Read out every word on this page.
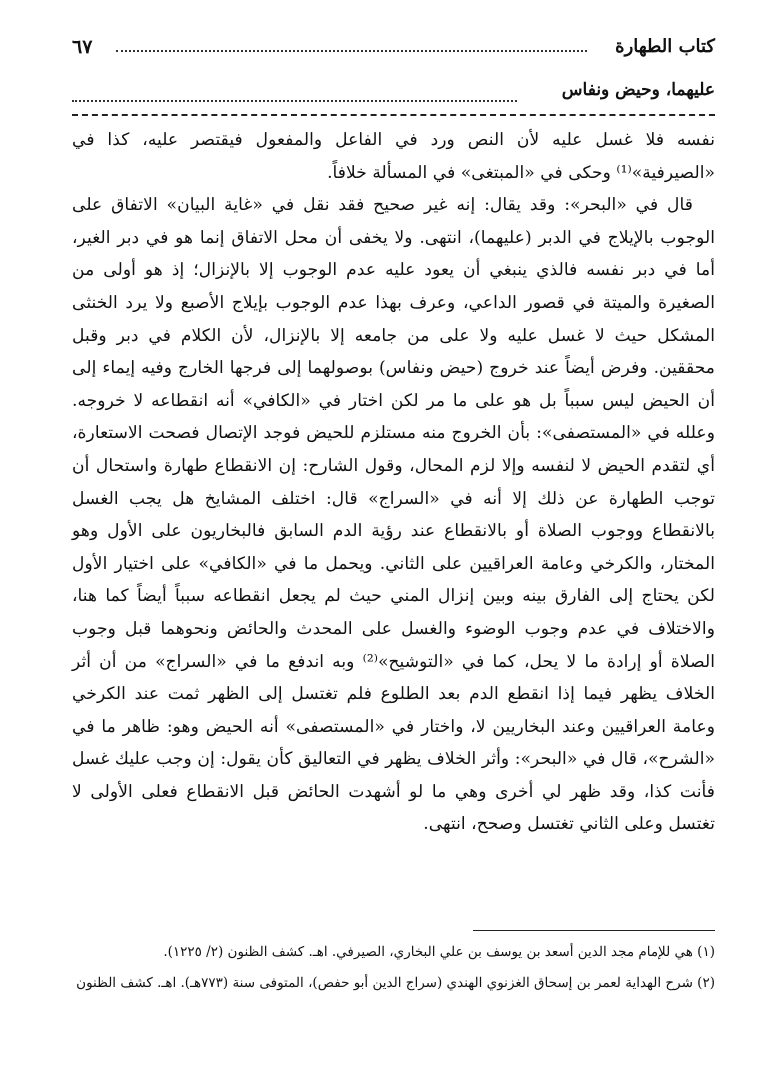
كتاب الطهارة
٦٧
عليهما، وحيض ونفاس

نفسه فلا غسل عليه لأن النص ورد في الفاعل والمفعول فيقتصر عليه، كذا في «الصيرفية»⁽¹⁾ وحكى في «المبتغى» في المسألة خلافاً.

قال في «البحر»: وقد يقال: إنه غير صحيح فقد نقل في «غاية البيان» الاتفاق على الوجوب بالإيلاج في الدبر (عليهما)، انتهى. ولا يخفى أن محل الاتفاق إنما هو في دبر الغير، أما في دبر نفسه فالذي ينبغي أن يعود عليه عدم الوجوب إلا بالإنزال؛ إذ هو أولى من الصغيرة والميتة في قصور الداعي، وعرف بهذا عدم الوجوب بإيلاج الأصبع ولا يرد الخنثى المشكل حيث لا غسل عليه ولا على من جامعه إلا بالإنزال، لأن الكلام في دبر وقبل محققين. وفرض أيضاً عند خروج (حيض ونفاس) بوصولهما إلى فرجها الخارج وفيه إيماء إلى أن الحيض ليس سبباً بل هو على ما مر لكن اختار في «الكافي» أنه انقطاعه لا خروجه. وعلله في «المستصفى»: بأن الخروج منه مستلزم للحيض فوجد الإتصال فصحت الاستعارة، أي لتقدم الحيض لا لنفسه وإلا لزم المحال، وقول الشارح: إن الانقطاع طهارة واستحال أن توجب الطهارة عن ذلك إلا أنه في «السراج» قال: اختلف المشايخ هل يجب الغسل بالانقطاع ووجوب الصلاة أو بالانقطاع عند رؤية الدم السابق فالبخاريون على الأول وهو المختار، والكرخي وعامة العراقيين على الثاني. ويحمل ما في «الكافي» على اختيار الأول لكن يحتاج إلى الفارق بينه وبين إنزال المني حيث لم يجعل انقطاعه سبباً أيضاً كما هنا، والاختلاف في عدم وجوب الوضوء والغسل على المحدث والحائض ونحوهما قبل وجوب الصلاة أو إرادة ما لا يحل، كما في «التوشيح»⁽²⁾ وبه اندفع ما في «السراج» من أن أثر الخلاف يظهر فيما إذا انقطع الدم بعد الطلوع فلم تغتسل إلى الظهر ثمت عند الكرخي وعامة العراقيين وعند البخاريين لا، واختار في «المستصفى» أنه الحيض وهو: ظاهر ما في «الشرح»، قال في «البحر»: وأثر الخلاف يظهر في التعاليق كأن يقول: إن وجب عليك غسل فأنت كذا، وقد ظهر لي أخرى وهي ما لو أشهدت الحائض قبل الانقطاع فعلى الأولى لا تغتسل وعلى الثاني تغتسل وصحح، انتهى.

(١) هي للإمام مجد الدين أسعد بن يوسف بن علي البخاري، الصيرفي. اهـ. كشف الظنون (٢/ ١٢٢٥).

(٢) شرح الهداية لعمر بن إسحاق الغزنوي الهندي (سراج الدين أبو حفص)، المتوفى سنة (٧٧٣هـ). اهـ. كشف الظنون
